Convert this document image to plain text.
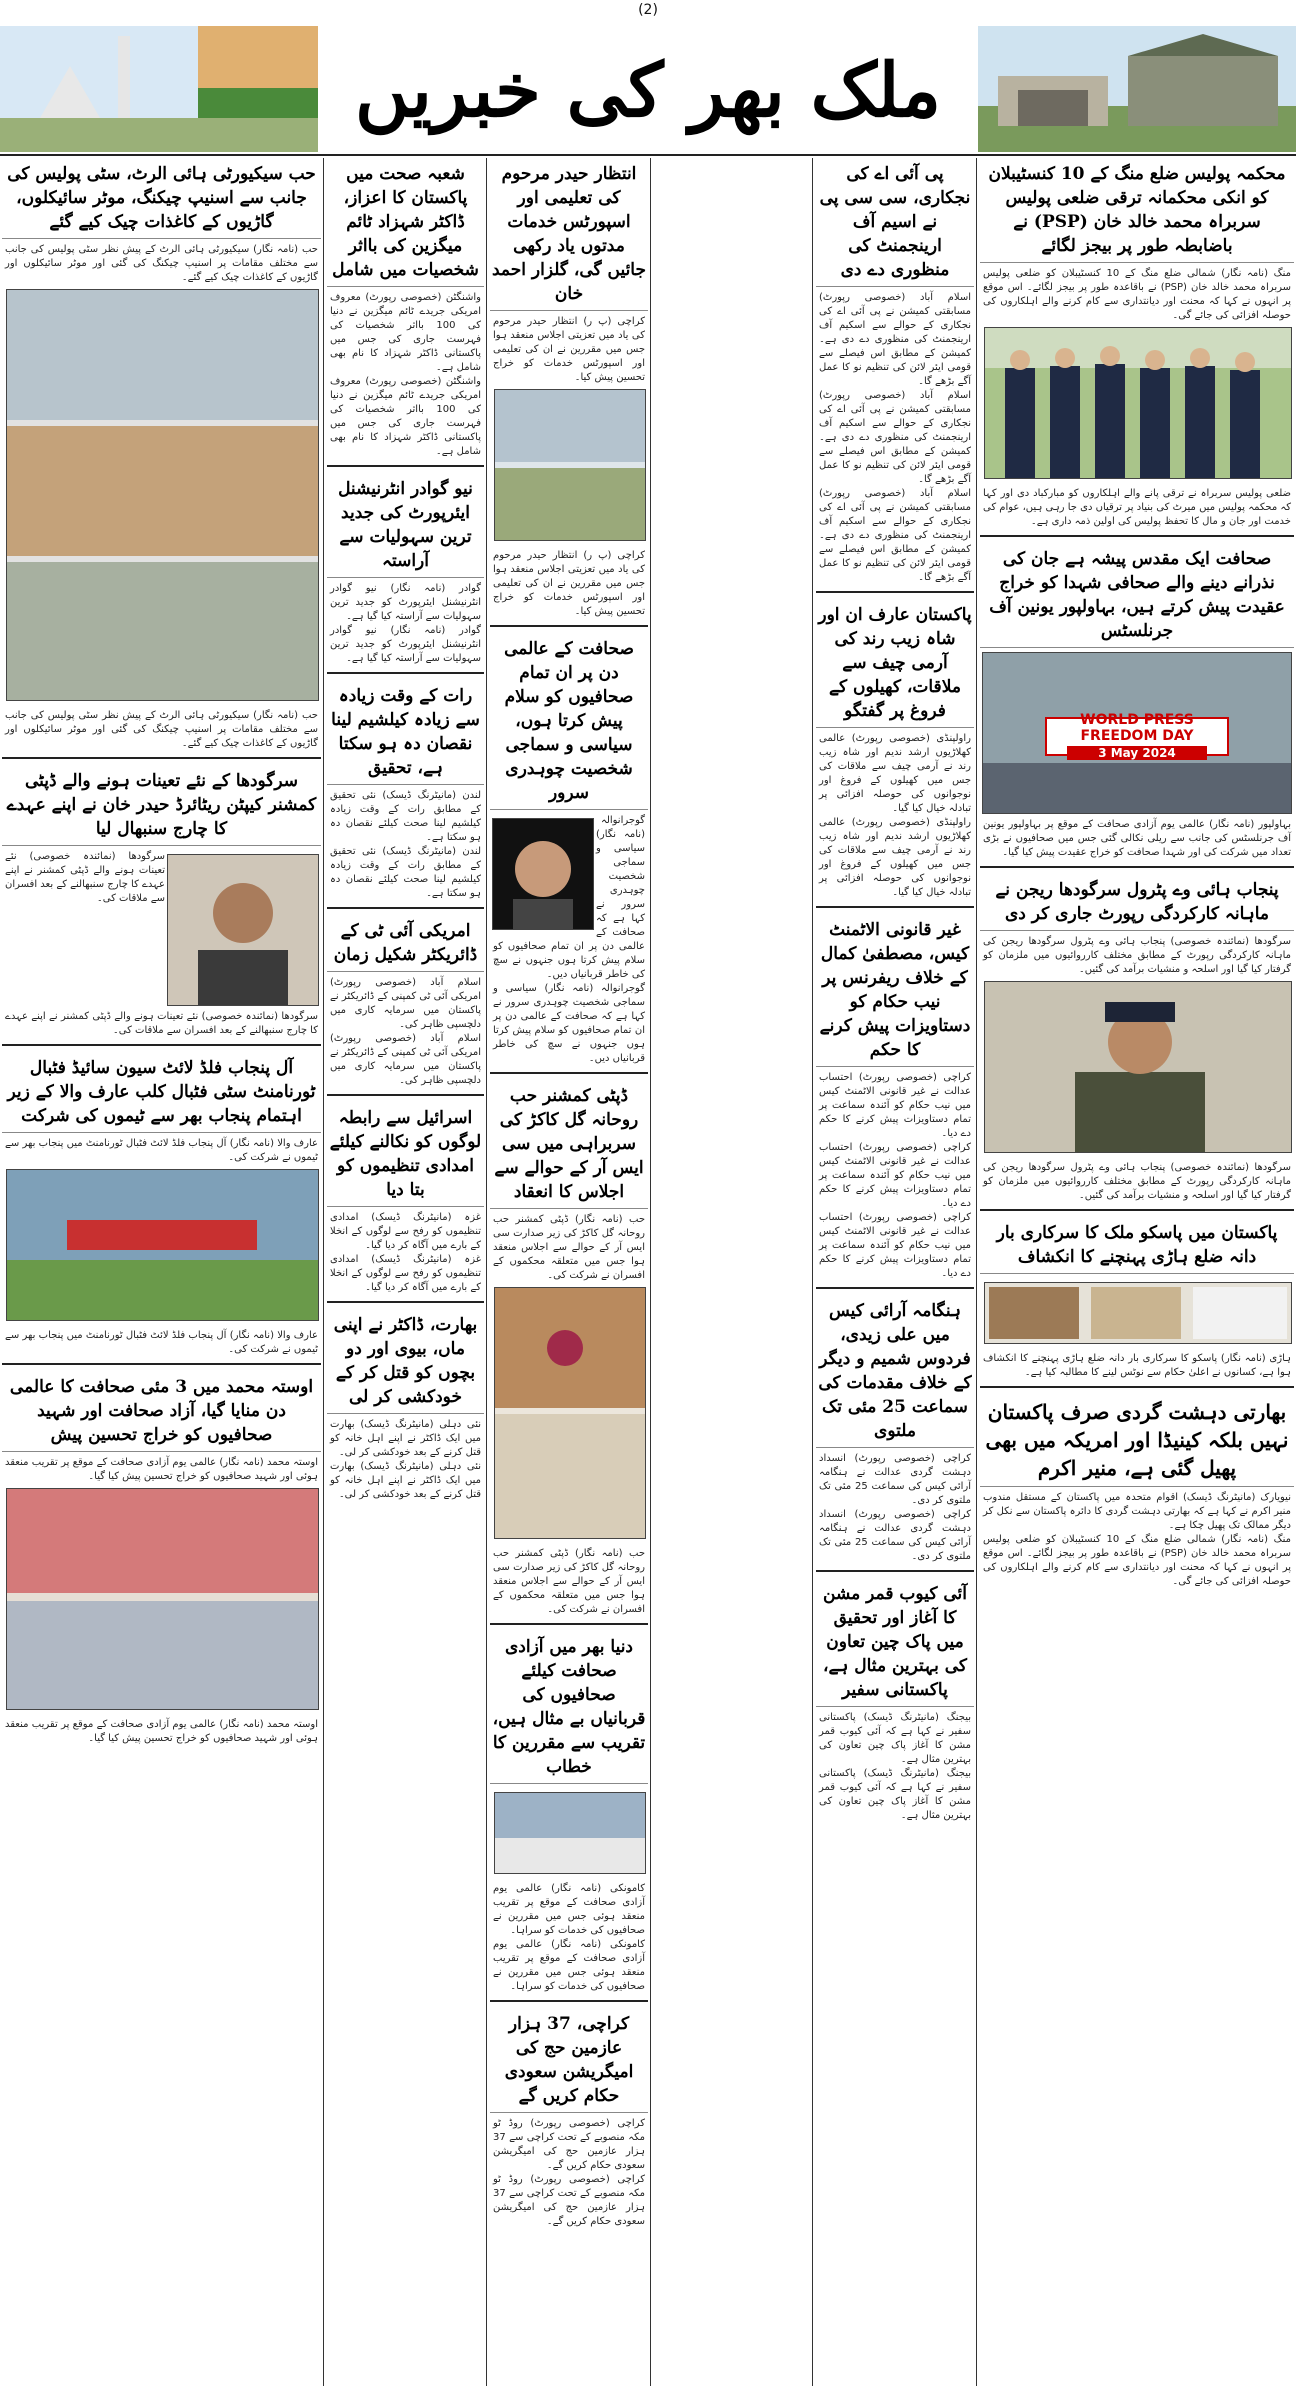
(2)
ملک بھر کی خبریں
محکمہ پولیس ضلع منگ کے 10 کنسٹیبلان کو انکی محکمانہ ترقی ضلعی پولیس سربراہ محمد خالد خان (PSP) نے باضابطہ طور پر بیجز لگائے
منگ (نامہ نگار) شمالی ضلع منگ کے 10 کنسٹیبلان کو ضلعی پولیس سربراہ محمد خالد خان (PSP) نے باقاعدہ طور پر بیجز لگائے۔ اس موقع پر انہوں نے کہا کہ محنت اور دیانتداری سے کام کرنے والے اہلکاروں کی حوصلہ افزائی کی جائے گی۔
ضلعی پولیس سربراہ نے ترقی پانے والے اہلکاروں کو مبارکباد دی اور کہا کہ محکمہ پولیس میں میرٹ کی بنیاد پر ترقیاں دی جا رہی ہیں، عوام کی خدمت اور جان و مال کا تحفظ پولیس کی اولین ذمہ داری ہے۔
صحافت ایک مقدس پیشہ ہے جان کی نذرانے دینے والے صحافی شہدا کو خراج عقیدت پیش کرتے ہیں، بہاولپور یونین آف جرنلسٹس
WORLD PRESS FREEDOM DAY
3 May 2024
بہاولپور (نامہ نگار) عالمی یوم آزادی صحافت کے موقع پر بہاولپور یونین آف جرنلسٹس کی جانب سے ریلی نکالی گئی جس میں صحافیوں نے بڑی تعداد میں شرکت کی اور شہدا صحافت کو خراج عقیدت پیش کیا گیا۔
پنجاب ہائی وے پٹرول سرگودھا ریجن نے ماہانہ کارکردگی رپورٹ جاری کر دی
سرگودھا (نمائندہ خصوصی) پنجاب ہائی وے پٹرول سرگودھا ریجن کی ماہانہ کارکردگی رپورٹ کے مطابق مختلف کارروائیوں میں ملزمان کو گرفتار کیا گیا اور اسلحہ و منشیات برآمد کی گئیں۔
سرگودھا (نمائندہ خصوصی) پنجاب ہائی وے پٹرول سرگودھا ریجن کی ماہانہ کارکردگی رپورٹ کے مطابق مختلف کارروائیوں میں ملزمان کو گرفتار کیا گیا اور اسلحہ و منشیات برآمد کی گئیں۔
پاکستان میں پاسکو ملک کا سرکاری بار دانہ ضلع ہاڑی پہنچنے کا انکشاف
ہاڑی (نامہ نگار) پاسکو کا سرکاری بار دانہ ضلع ہاڑی پہنچنے کا انکشاف ہوا ہے، کسانوں نے اعلیٰ حکام سے نوٹس لینے کا مطالبہ کیا ہے۔
بھارتی دہشت گردی صرف پاکستان نہیں بلکہ کینیڈا اور امریکہ میں بھی پھیل گئی ہے، منیر اکرم
نیویارک (مانیٹرنگ ڈیسک) اقوام متحدہ میں پاکستان کے مستقل مندوب منیر اکرم نے کہا ہے کہ بھارتی دہشت گردی کا دائرہ پاکستان سے نکل کر دیگر ممالک تک پھیل چکا ہے۔
منگ (نامہ نگار) شمالی ضلع منگ کے 10 کنسٹیبلان کو ضلعی پولیس سربراہ محمد خالد خان (PSP) نے باقاعدہ طور پر بیجز لگائے۔ اس موقع پر انہوں نے کہا کہ محنت اور دیانتداری سے کام کرنے والے اہلکاروں کی حوصلہ افزائی کی جائے گی۔
پی آئی اے کی نجکاری، سی سی پی نے اسیم آف ارینجمنٹ کی منظوری دے دی
اسلام آباد (خصوصی رپورٹ) مسابقتی کمیشن نے پی آئی اے کی نجکاری کے حوالے سے اسکیم آف ارینجمنٹ کی منظوری دے دی ہے۔ کمیشن کے مطابق اس فیصلے سے قومی ایئر لائن کی تنظیم نو کا عمل آگے بڑھے گا۔
اسلام آباد (خصوصی رپورٹ) مسابقتی کمیشن نے پی آئی اے کی نجکاری کے حوالے سے اسکیم آف ارینجمنٹ کی منظوری دے دی ہے۔ کمیشن کے مطابق اس فیصلے سے قومی ایئر لائن کی تنظیم نو کا عمل آگے بڑھے گا۔
اسلام آباد (خصوصی رپورٹ) مسابقتی کمیشن نے پی آئی اے کی نجکاری کے حوالے سے اسکیم آف ارینجمنٹ کی منظوری دے دی ہے۔ کمیشن کے مطابق اس فیصلے سے قومی ایئر لائن کی تنظیم نو کا عمل آگے بڑھے گا۔
پاکستان عارف ان اور شاہ زیب رند کی آرمی چیف سے ملاقات، کھیلوں کے فروغ پر گفتگو
راولپنڈی (خصوصی رپورٹ) عالمی کھلاڑیوں ارشد ندیم اور شاہ زیب رند نے آرمی چیف سے ملاقات کی جس میں کھیلوں کے فروغ اور نوجوانوں کی حوصلہ افزائی پر تبادلہ خیال کیا گیا۔
راولپنڈی (خصوصی رپورٹ) عالمی کھلاڑیوں ارشد ندیم اور شاہ زیب رند نے آرمی چیف سے ملاقات کی جس میں کھیلوں کے فروغ اور نوجوانوں کی حوصلہ افزائی پر تبادلہ خیال کیا گیا۔
غیر قانونی الاٹمنٹ کیس، مصطفیٰ کمال کے خلاف ریفرنس پر نیب حکام کو دستاویزات پیش کرنے کا حکم
کراچی (خصوصی رپورٹ) احتساب عدالت نے غیر قانونی الاٹمنٹ کیس میں نیب حکام کو آئندہ سماعت پر تمام دستاویزات پیش کرنے کا حکم دے دیا۔
کراچی (خصوصی رپورٹ) احتساب عدالت نے غیر قانونی الاٹمنٹ کیس میں نیب حکام کو آئندہ سماعت پر تمام دستاویزات پیش کرنے کا حکم دے دیا۔
کراچی (خصوصی رپورٹ) احتساب عدالت نے غیر قانونی الاٹمنٹ کیس میں نیب حکام کو آئندہ سماعت پر تمام دستاویزات پیش کرنے کا حکم دے دیا۔
ہنگامہ آرائی کیس میں علی زیدی، فردوس شمیم و دیگر کے خلاف مقدمات کی سماعت 25 مئی تک ملتوی
کراچی (خصوصی رپورٹ) انسداد دہشت گردی عدالت نے ہنگامہ آرائی کیس کی سماعت 25 مئی تک ملتوی کر دی۔
کراچی (خصوصی رپورٹ) انسداد دہشت گردی عدالت نے ہنگامہ آرائی کیس کی سماعت 25 مئی تک ملتوی کر دی۔
آئی کیوب قمر مشن کا آغاز اور تحقیق میں پاک چین تعاون کی بہترین مثال ہے، پاکستانی سفیر
بیجنگ (مانیٹرنگ ڈیسک) پاکستانی سفیر نے کہا ہے کہ آئی کیوب قمر مشن کا آغاز پاک چین تعاون کی بہترین مثال ہے۔
بیجنگ (مانیٹرنگ ڈیسک) پاکستانی سفیر نے کہا ہے کہ آئی کیوب قمر مشن کا آغاز پاک چین تعاون کی بہترین مثال ہے۔
انتظار حیدر مرحوم کی تعلیمی اور اسپورٹس خدمات مدتوں یاد رکھی جائیں گی، گلزار احمد خان
کراچی (پ ر) انتظار حیدر مرحوم کی یاد میں تعزیتی اجلاس منعقد ہوا جس میں مقررین نے ان کی تعلیمی اور اسپورٹس خدمات کو خراج تحسین پیش کیا۔
کراچی (پ ر) انتظار حیدر مرحوم کی یاد میں تعزیتی اجلاس منعقد ہوا جس میں مقررین نے ان کی تعلیمی اور اسپورٹس خدمات کو خراج تحسین پیش کیا۔
صحافت کے عالمی دن پر ان تمام صحافیوں کو سلام پیش کرتا ہوں، سیاسی و سماجی شخصیت چوہدری سرور
گوجرانوالہ (نامہ نگار) سیاسی و سماجی شخصیت چوہدری سرور نے کہا ہے کہ صحافت کے عالمی دن پر ان تمام صحافیوں کو سلام پیش کرتا ہوں جنہوں نے سچ کی خاطر قربانیاں دیں۔
گوجرانوالہ (نامہ نگار) سیاسی و سماجی شخصیت چوہدری سرور نے کہا ہے کہ صحافت کے عالمی دن پر ان تمام صحافیوں کو سلام پیش کرتا ہوں جنہوں نے سچ کی خاطر قربانیاں دیں۔
ڈپٹی کمشنر حب روحانہ گل کاکڑ کی سربراہی میں سی ایس آر کے حوالے سے اجلاس کا انعقاد
حب (نامہ نگار) ڈپٹی کمشنر حب روحانہ گل کاکڑ کی زیر صدارت سی ایس آر کے حوالے سے اجلاس منعقد ہوا جس میں متعلقہ محکموں کے افسران نے شرکت کی۔
حب (نامہ نگار) ڈپٹی کمشنر حب روحانہ گل کاکڑ کی زیر صدارت سی ایس آر کے حوالے سے اجلاس منعقد ہوا جس میں متعلقہ محکموں کے افسران نے شرکت کی۔
دنیا بھر میں آزادی صحافت کیلئے صحافیوں کی قربانیاں بے مثال ہیں، تقریب سے مقررین کا خطاب
کامونکی (نامہ نگار) عالمی یوم آزادی صحافت کے موقع پر تقریب منعقد ہوئی جس میں مقررین نے صحافیوں کی خدمات کو سراہا۔
کامونکی (نامہ نگار) عالمی یوم آزادی صحافت کے موقع پر تقریب منعقد ہوئی جس میں مقررین نے صحافیوں کی خدمات کو سراہا۔
کراچی، 37 ہزار عازمین حج کی امیگریشن سعودی حکام کریں گے
کراچی (خصوصی رپورٹ) روڈ ٹو مکہ منصوبے کے تحت کراچی سے 37 ہزار عازمین حج کی امیگریشن سعودی حکام کریں گے۔
کراچی (خصوصی رپورٹ) روڈ ٹو مکہ منصوبے کے تحت کراچی سے 37 ہزار عازمین حج کی امیگریشن سعودی حکام کریں گے۔
شعبہ صحت میں پاکستان کا اعزاز، ڈاکٹر شہزاد ٹائم میگزین کی بااثر شخصیات میں شامل
واشنگٹن (خصوصی رپورٹ) معروف امریکی جریدے ٹائم میگزین نے دنیا کی 100 بااثر شخصیات کی فہرست جاری کی جس میں پاکستانی ڈاکٹر شہزاد کا نام بھی شامل ہے۔
واشنگٹن (خصوصی رپورٹ) معروف امریکی جریدے ٹائم میگزین نے دنیا کی 100 بااثر شخصیات کی فہرست جاری کی جس میں پاکستانی ڈاکٹر شہزاد کا نام بھی شامل ہے۔
نیو گوادر انٹرنیشنل ایئرپورٹ کی جدید ترین سہولیات سے آراستہ
گوادر (نامہ نگار) نیو گوادر انٹرنیشنل ایئرپورٹ کو جدید ترین سہولیات سے آراستہ کیا گیا ہے۔
گوادر (نامہ نگار) نیو گوادر انٹرنیشنل ایئرپورٹ کو جدید ترین سہولیات سے آراستہ کیا گیا ہے۔
رات کے وقت زیادہ سے زیادہ کیلشیم لینا نقصان دہ ہو سکتا ہے، تحقیق
لندن (مانیٹرنگ ڈیسک) نئی تحقیق کے مطابق رات کے وقت زیادہ کیلشیم لینا صحت کیلئے نقصان دہ ہو سکتا ہے۔
لندن (مانیٹرنگ ڈیسک) نئی تحقیق کے مطابق رات کے وقت زیادہ کیلشیم لینا صحت کیلئے نقصان دہ ہو سکتا ہے۔
امریکی آئی ٹی کے ڈائریکٹر شکیل زمان
اسلام آباد (خصوصی رپورٹ) امریکی آئی ٹی کمپنی کے ڈائریکٹر نے پاکستان میں سرمایہ کاری میں دلچسپی ظاہر کی۔
اسلام آباد (خصوصی رپورٹ) امریکی آئی ٹی کمپنی کے ڈائریکٹر نے پاکستان میں سرمایہ کاری میں دلچسپی ظاہر کی۔
اسرائیل سے رابطہ لوگوں کو نکالنے کیلئے امدادی تنظیموں کو بتا دیا
غزہ (مانیٹرنگ ڈیسک) امدادی تنظیموں کو رفح سے لوگوں کے انخلا کے بارے میں آگاہ کر دیا گیا۔
غزہ (مانیٹرنگ ڈیسک) امدادی تنظیموں کو رفح سے لوگوں کے انخلا کے بارے میں آگاہ کر دیا گیا۔
بھارت، ڈاکٹر نے اپنی ماں، بیوی اور دو بچوں کو قتل کر کے خودکشی کر لی
نئی دہلی (مانیٹرنگ ڈیسک) بھارت میں ایک ڈاکٹر نے اپنے اہل خانہ کو قتل کرنے کے بعد خودکشی کر لی۔
نئی دہلی (مانیٹرنگ ڈیسک) بھارت میں ایک ڈاکٹر نے اپنے اہل خانہ کو قتل کرنے کے بعد خودکشی کر لی۔
حب سیکیورٹی ہائی الرٹ، سٹی پولیس کی جانب سے اسنیپ چیکنگ، موٹر سائیکلوں، گاڑیوں کے کاغذات چیک کیے گئے
حب (نامہ نگار) سیکیورٹی ہائی الرٹ کے پیش نظر سٹی پولیس کی جانب سے مختلف مقامات پر اسنیپ چیکنگ کی گئی اور موٹر سائیکلوں اور گاڑیوں کے کاغذات چیک کیے گئے۔
حب (نامہ نگار) سیکیورٹی ہائی الرٹ کے پیش نظر سٹی پولیس کی جانب سے مختلف مقامات پر اسنیپ چیکنگ کی گئی اور موٹر سائیکلوں اور گاڑیوں کے کاغذات چیک کیے گئے۔
سرگودھا کے نئے تعینات ہونے والے ڈپٹی کمشنر کیپٹن ریٹائرڈ حیدر خان نے اپنے عہدے کا چارج سنبھال لیا
سرگودھا (نمائندہ خصوصی) نئے تعینات ہونے والے ڈپٹی کمشنر نے اپنے عہدے کا چارج سنبھالنے کے بعد افسران سے ملاقات کی۔
سرگودھا (نمائندہ خصوصی) نئے تعینات ہونے والے ڈپٹی کمشنر نے اپنے عہدے کا چارج سنبھالنے کے بعد افسران سے ملاقات کی۔
آل پنجاب فلڈ لائٹ سیون سائیڈ فٹبال ٹورنامنٹ سٹی فٹبال کلب عارف والا کے زیر اہتمام پنجاب بھر سے ٹیموں کی شرکت
عارف والا (نامہ نگار) آل پنجاب فلڈ لائٹ فٹبال ٹورنامنٹ میں پنجاب بھر سے ٹیموں نے شرکت کی۔
عارف والا (نامہ نگار) آل پنجاب فلڈ لائٹ فٹبال ٹورنامنٹ میں پنجاب بھر سے ٹیموں نے شرکت کی۔
اوستہ محمد میں 3 مئی صحافت کا عالمی دن منایا گیا، آزاد صحافت اور شہید صحافیوں کو خراج تحسین پیش
اوستہ محمد (نامہ نگار) عالمی یوم آزادی صحافت کے موقع پر تقریب منعقد ہوئی اور شہید صحافیوں کو خراج تحسین پیش کیا گیا۔
اوستہ محمد (نامہ نگار) عالمی یوم آزادی صحافت کے موقع پر تقریب منعقد ہوئی اور شہید صحافیوں کو خراج تحسین پیش کیا گیا۔
